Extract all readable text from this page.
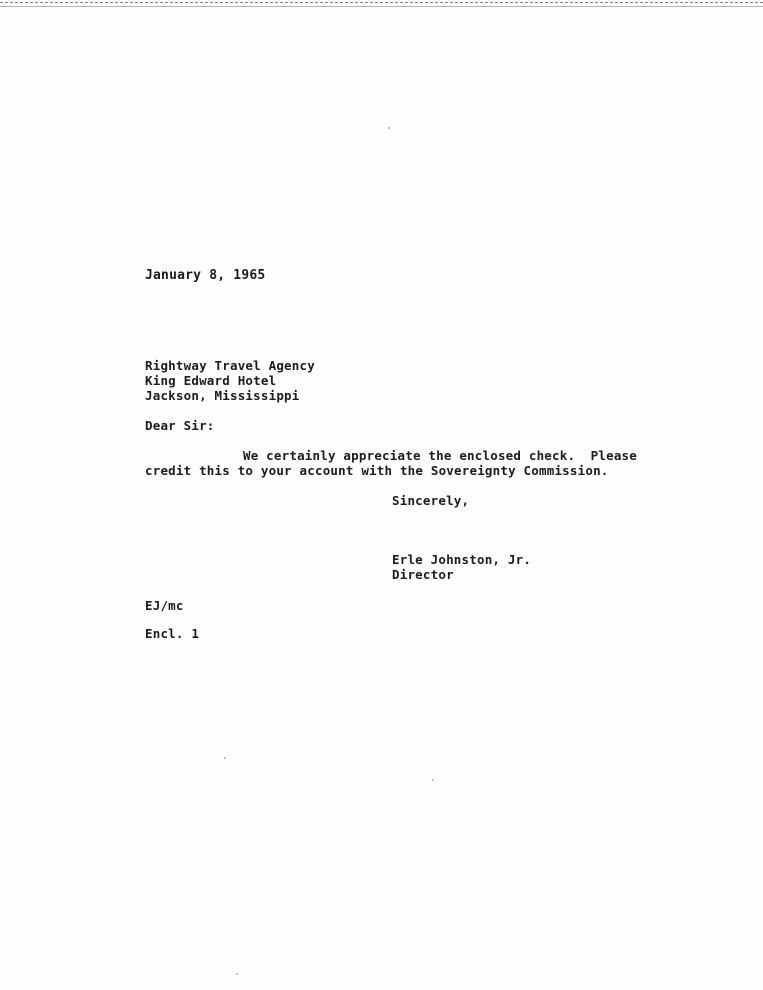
January 8, 1965
Rightway Travel Agency
King Edward Hotel
Jackson, Mississippi
Dear Sir:
We certainly appreciate the enclosed check.  Please
credit this to your account with the Sovereignty Commission.
Sincerely,
Erle Johnston, Jr.
Director
EJ/mc
Encl. 1
